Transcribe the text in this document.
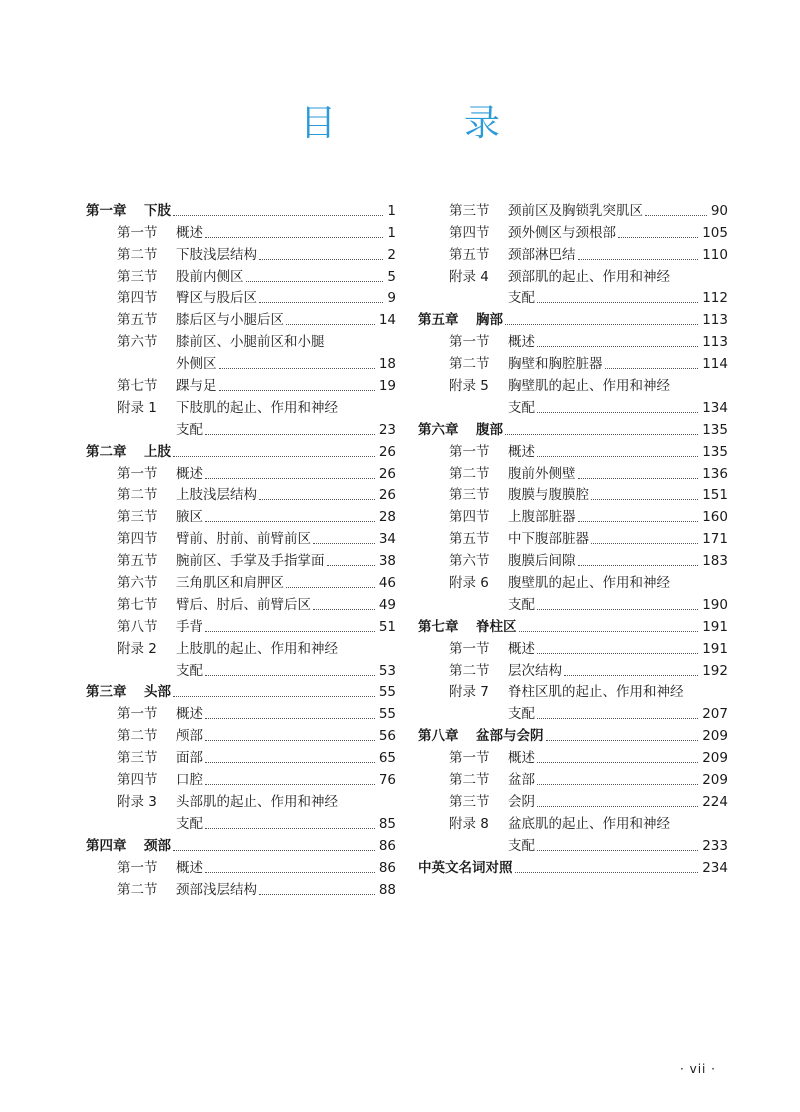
目　录
第一章	下肢	1
第一节	概述	1
第二节	下肢浅层结构	2
第三节	股前内侧区	5
第四节	臀区与股后区	9
第五节	膝后区与小腿后区	14
第六节	膝前区、小腿前区和小腿
外侧区	18
第七节	踝与足	19
附录 1	下肢肌的起止、作用和神经
支配	23
第二章	上肢	26
第一节	概述	26
第二节	上肢浅层结构	26
第三节	腋区	28
第四节	臂前、肘前、前臂前区	34
第五节	腕前区、手掌及手指掌面	38
第六节	三角肌区和肩胛区	46
第七节	臂后、肘后、前臂后区	49
第八节	手背	51
附录 2	上肢肌的起止、作用和神经
支配	53
第三章	头部	55
第一节	概述	55
第二节	颅部	56
第三节	面部	65
第四节	口腔	76
附录 3	头部肌的起止、作用和神经
支配	85
第四章	颈部	86
第一节	概述	86
第二节	颈部浅层结构	88
第三节	颈前区及胸锁乳突肌区	90
第四节	颈外侧区与颈根部	105
第五节	颈部淋巴结	110
附录 4	颈部肌的起止、作用和神经
支配	112
第五章	胸部	113
第一节	概述	113
第二节	胸壁和胸腔脏器	114
附录 5	胸壁肌的起止、作用和神经
支配	134
第六章	腹部	135
第一节	概述	135
第二节	腹前外侧壁	136
第三节	腹膜与腹膜腔	151
第四节	上腹部脏器	160
第五节	中下腹部脏器	171
第六节	腹膜后间隙	183
附录 6	腹壁肌的起止、作用和神经
支配	190
第七章	脊柱区	191
第一节	概述	191
第二节	层次结构	192
附录 7	脊柱区肌的起止、作用和神经
支配	207
第八章	盆部与会阴	209
第一节	概述	209
第二节	盆部	209
第三节	会阴	224
附录 8	盆底肌的起止、作用和神经
支配	233
中英文名词对照	234
· vii ·
